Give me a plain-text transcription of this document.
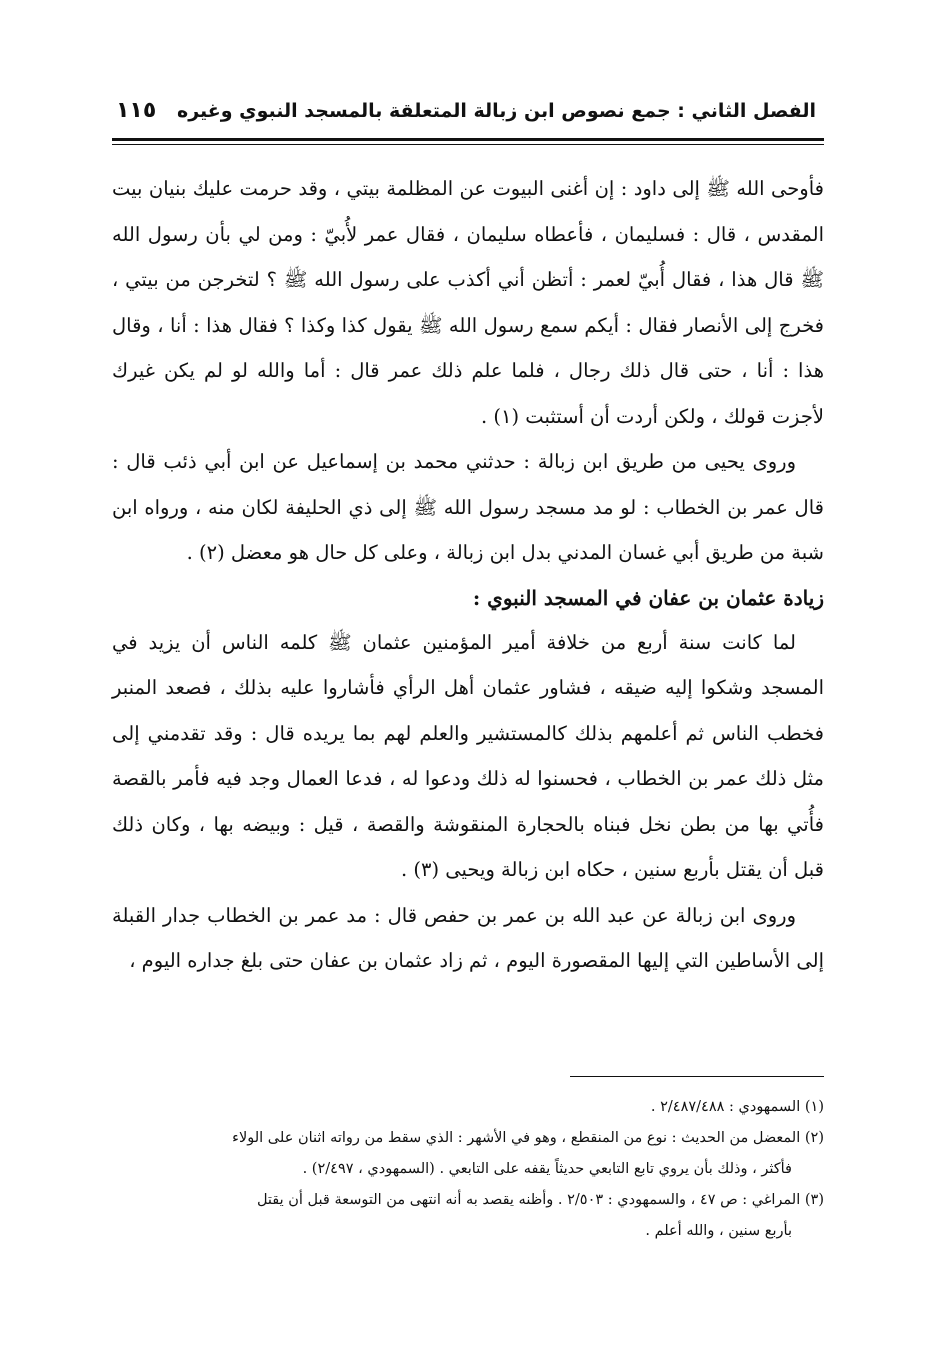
الفصل الثاني : جمع نصوص ابن زبالة المتعلقة بالمسجد النبوي وغيره
١١٥

فأوحى الله ﷺ إلى داود : إن أغنى البيوت عن المظلمة بيتي ، وقد حرمت عليك بنيان بيت المقدس ، قال : فسليمان ، فأعطاه سليمان ، فقال عمر لأُبيّ : ومن لي بأن رسول الله ﷺ قال هذا ، فقال أُبيّ لعمر : أتظن أني أكذب على رسول الله ﷺ ؟ لتخرجن من بيتي ، فخرج إلى الأنصار فقال : أيكم سمع رسول الله ﷺ يقول كذا وكذا ؟ فقال هذا : أنا ، وقال هذا : أنا ، حتى قال ذلك رجال ، فلما علم ذلك عمر قال : أما والله لو لم يكن غيرك لأجزت قولك ، ولكن أردت أن أستثبت (١) .

وروى يحيى من طريق ابن زبالة : حدثني محمد بن إسماعيل عن ابن أبي ذئب قال : قال عمر بن الخطاب : لو مد مسجد رسول الله ﷺ إلى ذي الحليفة لكان منه ، ورواه ابن شبة من طريق أبي غسان المدني بدل ابن زبالة ، وعلى كل حال هو معضل (٢) .

زيادة عثمان بن عفان في المسجد النبوي :

لما كانت سنة أربع من خلافة أمير المؤمنين عثمان ﷺ كلمه الناس أن يزيد في المسجد وشكوا إليه ضيقه ، فشاور عثمان أهل الرأي فأشاروا عليه بذلك ، فصعد المنبر فخطب الناس ثم أعلمهم بذلك كالمستشير والعلم لهم بما يريده قال : وقد تقدمني إلى مثل ذلك عمر بن الخطاب ، فحسنوا له ذلك ودعوا له ، فدعا العمال وجد فيه فأمر بالقصة فأُتي بها من بطن نخل فبناه بالحجارة المنقوشة والقصة ، قيل : وبيضه بها ، وكان ذلك قبل أن يقتل بأربع سنين ، حكاه ابن زبالة ويحيى (٣) .

وروى ابن زبالة عن عبد الله بن عمر بن حفص قال : مد عمر بن الخطاب جدار القبلة إلى الأساطين التي إليها المقصورة اليوم ، ثم زاد عثمان بن عفان حتى بلغ جداره اليوم ،

(١) السمهودي : ٢/٤٨٧/٤٨٨ .

(٢) المعضل من الحديث : نوع من المنقطع ، وهو في الأشهر : الذي سقط من رواته اثنان على الولاء
فأكثر ، وذلك بأن يروي تابع التابعي حديثاً يقفه على التابعي . (السمهودي ، ٢/٤٩٧) .

(٣) المراغي : ص ٤٧ ، والسمهودي : ٢/٥٠٣ . وأظنه يقصد به أنه انتهى من التوسعة قبل أن يقتل
بأربع سنين ، والله أعلم .
